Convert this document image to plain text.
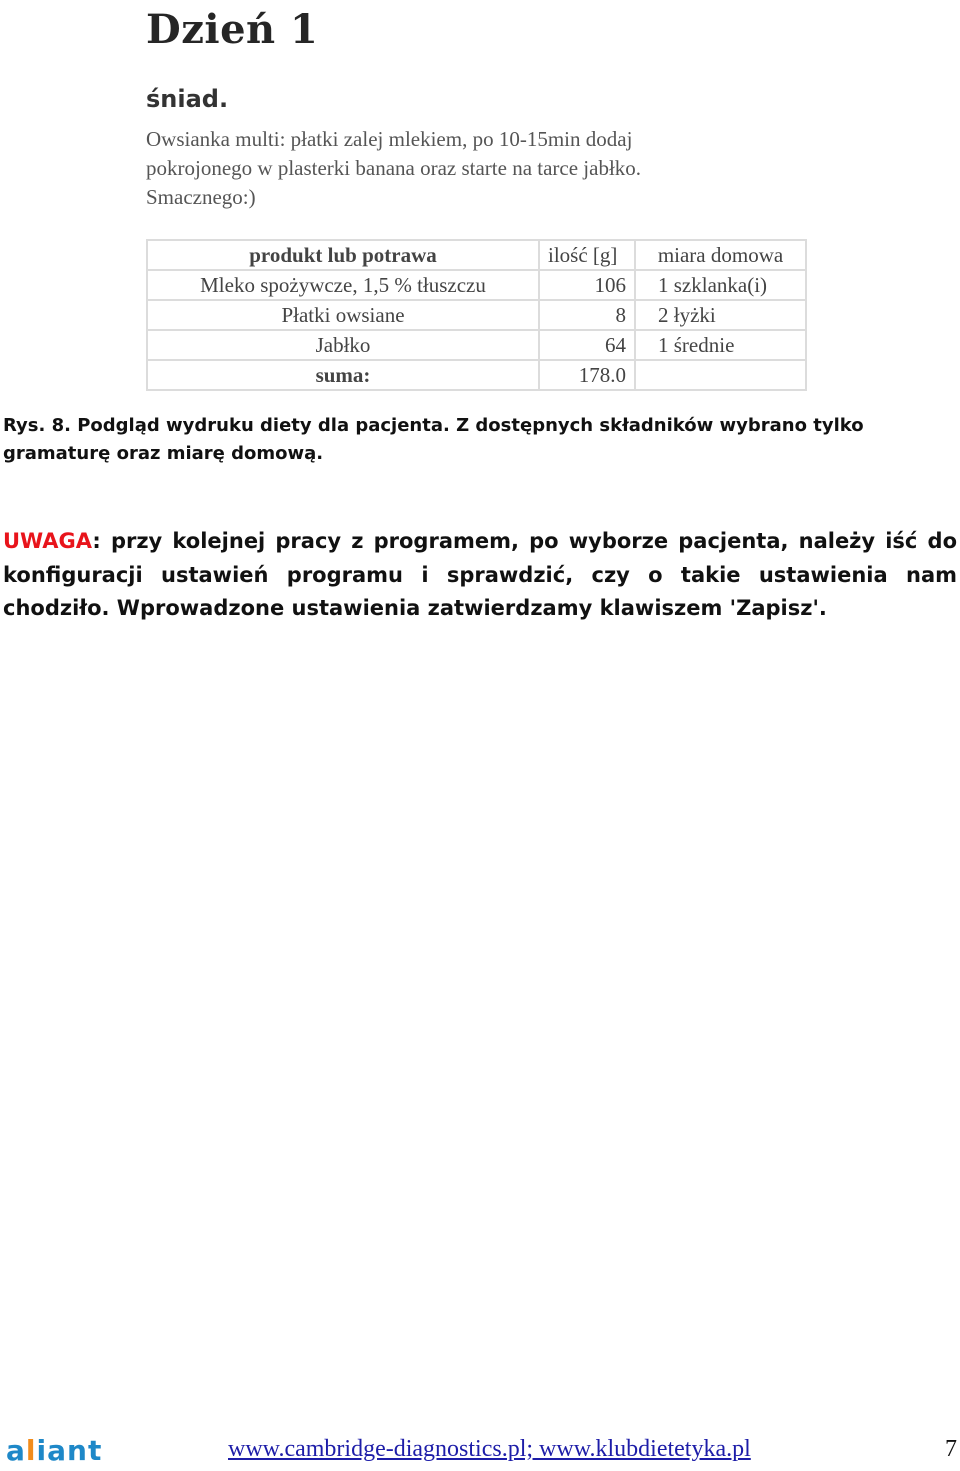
Dzień 1
śniad.

Owsianka multi: płatki zalej mlekiem, po 10-15min dodaj pokrojonego w plasterki banana oraz starte na tarce jabłko. Smacznego:)

produkt lub potrawa	ilość [g]	miara domowa
Mleko spożywcze, 1,5 % tłuszczu	106	1 szklanka(i)
Płatki owsiane	8	2 łyżki
Jabłko	64	1 średnie
suma:	178.0	

Rys. 8. Podgląd wydruku diety dla pacjenta. Z dostępnych składników wybrano tylko gramaturę oraz miarę domową.

UWAGA: przy kolejnej pracy z programem, po wyborze pacjenta, należy iść do konfiguracji ustawień programu i sprawdzić, czy o takie ustawienia nam chodziło. Wprowadzone ustawienia zatwierdzamy klawiszem 'Zapisz'.

aliant	www.cambridge-diagnostics.pl; www.klubdietetyka.pl	7
